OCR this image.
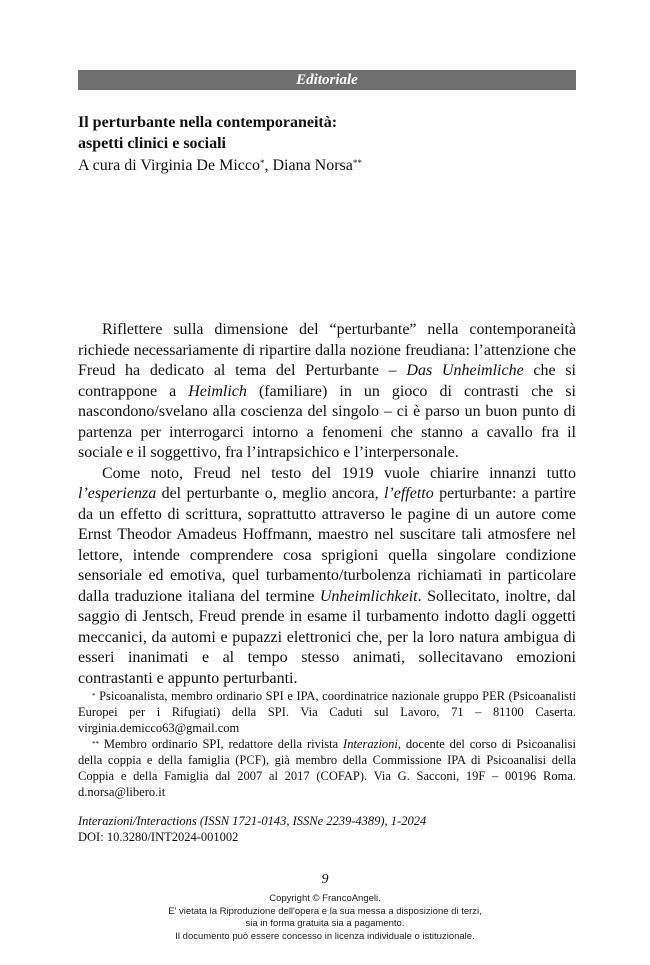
Editoriale
Il perturbante nella contemporaneità:
aspetti clinici e sociali
A cura di Virginia De Micco*, Diana Norsa**

Riflettere sulla dimensione del “perturbante” nella contemporaneità richiede necessariamente di ripartire dalla nozione freudiana: l’attenzione che Freud ha dedicato al tema del Perturbante – Das Unheimliche che si contrappone a Heimlich (familiare) in un gioco di contrasti che si nascondono/svelano alla coscienza del singolo – ci è parso un buon punto di partenza per interrogarci intorno a fenomeni che stanno a cavallo fra il sociale e il soggettivo, fra l’intrapsichico e l’interpersonale.

Come noto, Freud nel testo del 1919 vuole chiarire innanzi tutto l’esperienza del perturbante o, meglio ancora, l’effetto perturbante: a partire da un effetto di scrittura, soprattutto attraverso le pagine di un autore come Ernst Theodor Amadeus Hoffmann, maestro nel suscitare tali atmosfere nel lettore, intende comprendere cosa sprigioni quella singolare condizione sensoriale ed emotiva, quel turbamento/turbolenza richiamati in particolare dalla traduzione italiana del termine Unheimlichkeit. Sollecitato, inoltre, dal saggio di Jentsch, Freud prende in esame il turbamento indotto dagli oggetti meccanici, da automi e pupazzi elettronici che, per la loro natura ambigua di esseri inanimati e al tempo stesso animati, sollecitavano emozioni contrastanti e appunto perturbanti.

* Psicoanalista, membro ordinario SPI e IPA, coordinatrice nazionale gruppo PER (Psicoanalisti Europei per i Rifugiati) della SPI. Via Caduti sul Lavoro, 71 – 81100 Caserta. virginia.demicco63@gmail.com

** Membro ordinario SPI, redattore della rivista Interazioni, docente del corso di Psicoanalisi della coppia e della famiglia (PCF), già membro della Commissione IPA di Psicoanalisi della Coppia e della Famiglia dal 2007 al 2017 (COFAP). Via G. Sacconi, 19F – 00196 Roma. d.norsa@libero.it

Interazioni/Interactions (ISSN 1721-0143, ISSNe 2239-4389), 1-2024
DOI: 10.3280/INT2024-001002
9
Copyright © FrancoAngeli.
E' vietata la Riproduzione dell'opera e la sua messa a disposizione di terzi,
sia in forma gratuita sia a pagamento.
Il documento può essere concesso in licenza individuale o istituzionale.
